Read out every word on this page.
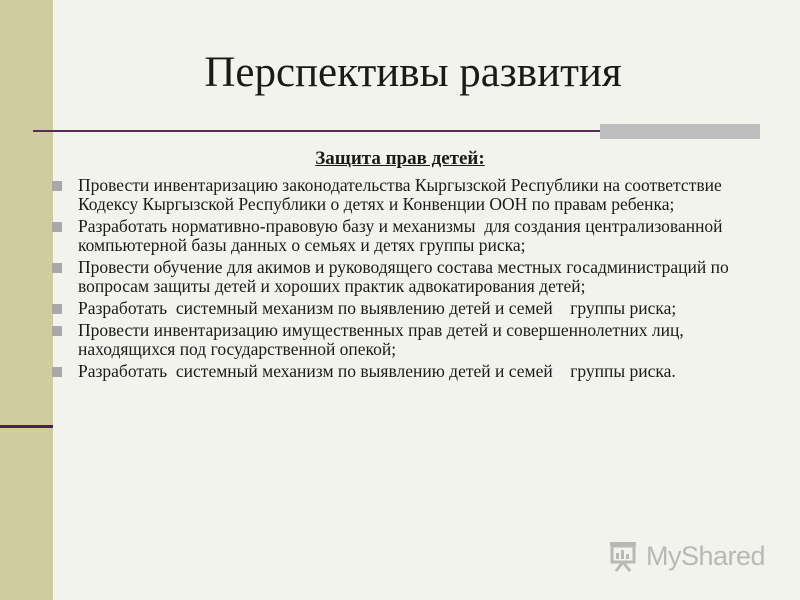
Перспективы развития
Защита прав детей:
Провести инвентаризацию законодательства Кыргызской Республики на соответствие Кодексу Кыргызской Республики о детях и Конвенции ООН по правам ребенка;
Разработать нормативно-правовую базу и механизмы  для создания централизованной     компьютерной базы данных о семьях и детях группы риска;
Провести обучение для акимов и руководящего состава местных госадминистраций по вопросам защиты детей и хороших практик адвокатирования детей;
Разработать  системный механизм по выявлению детей и семей    группы риска;
Провести инвентаризацию имущественных прав детей и совершеннолетних лиц, находящихся под государственной опекой;
Разработать  системный механизм по выявлению детей и семей    группы риска.
MyShared
